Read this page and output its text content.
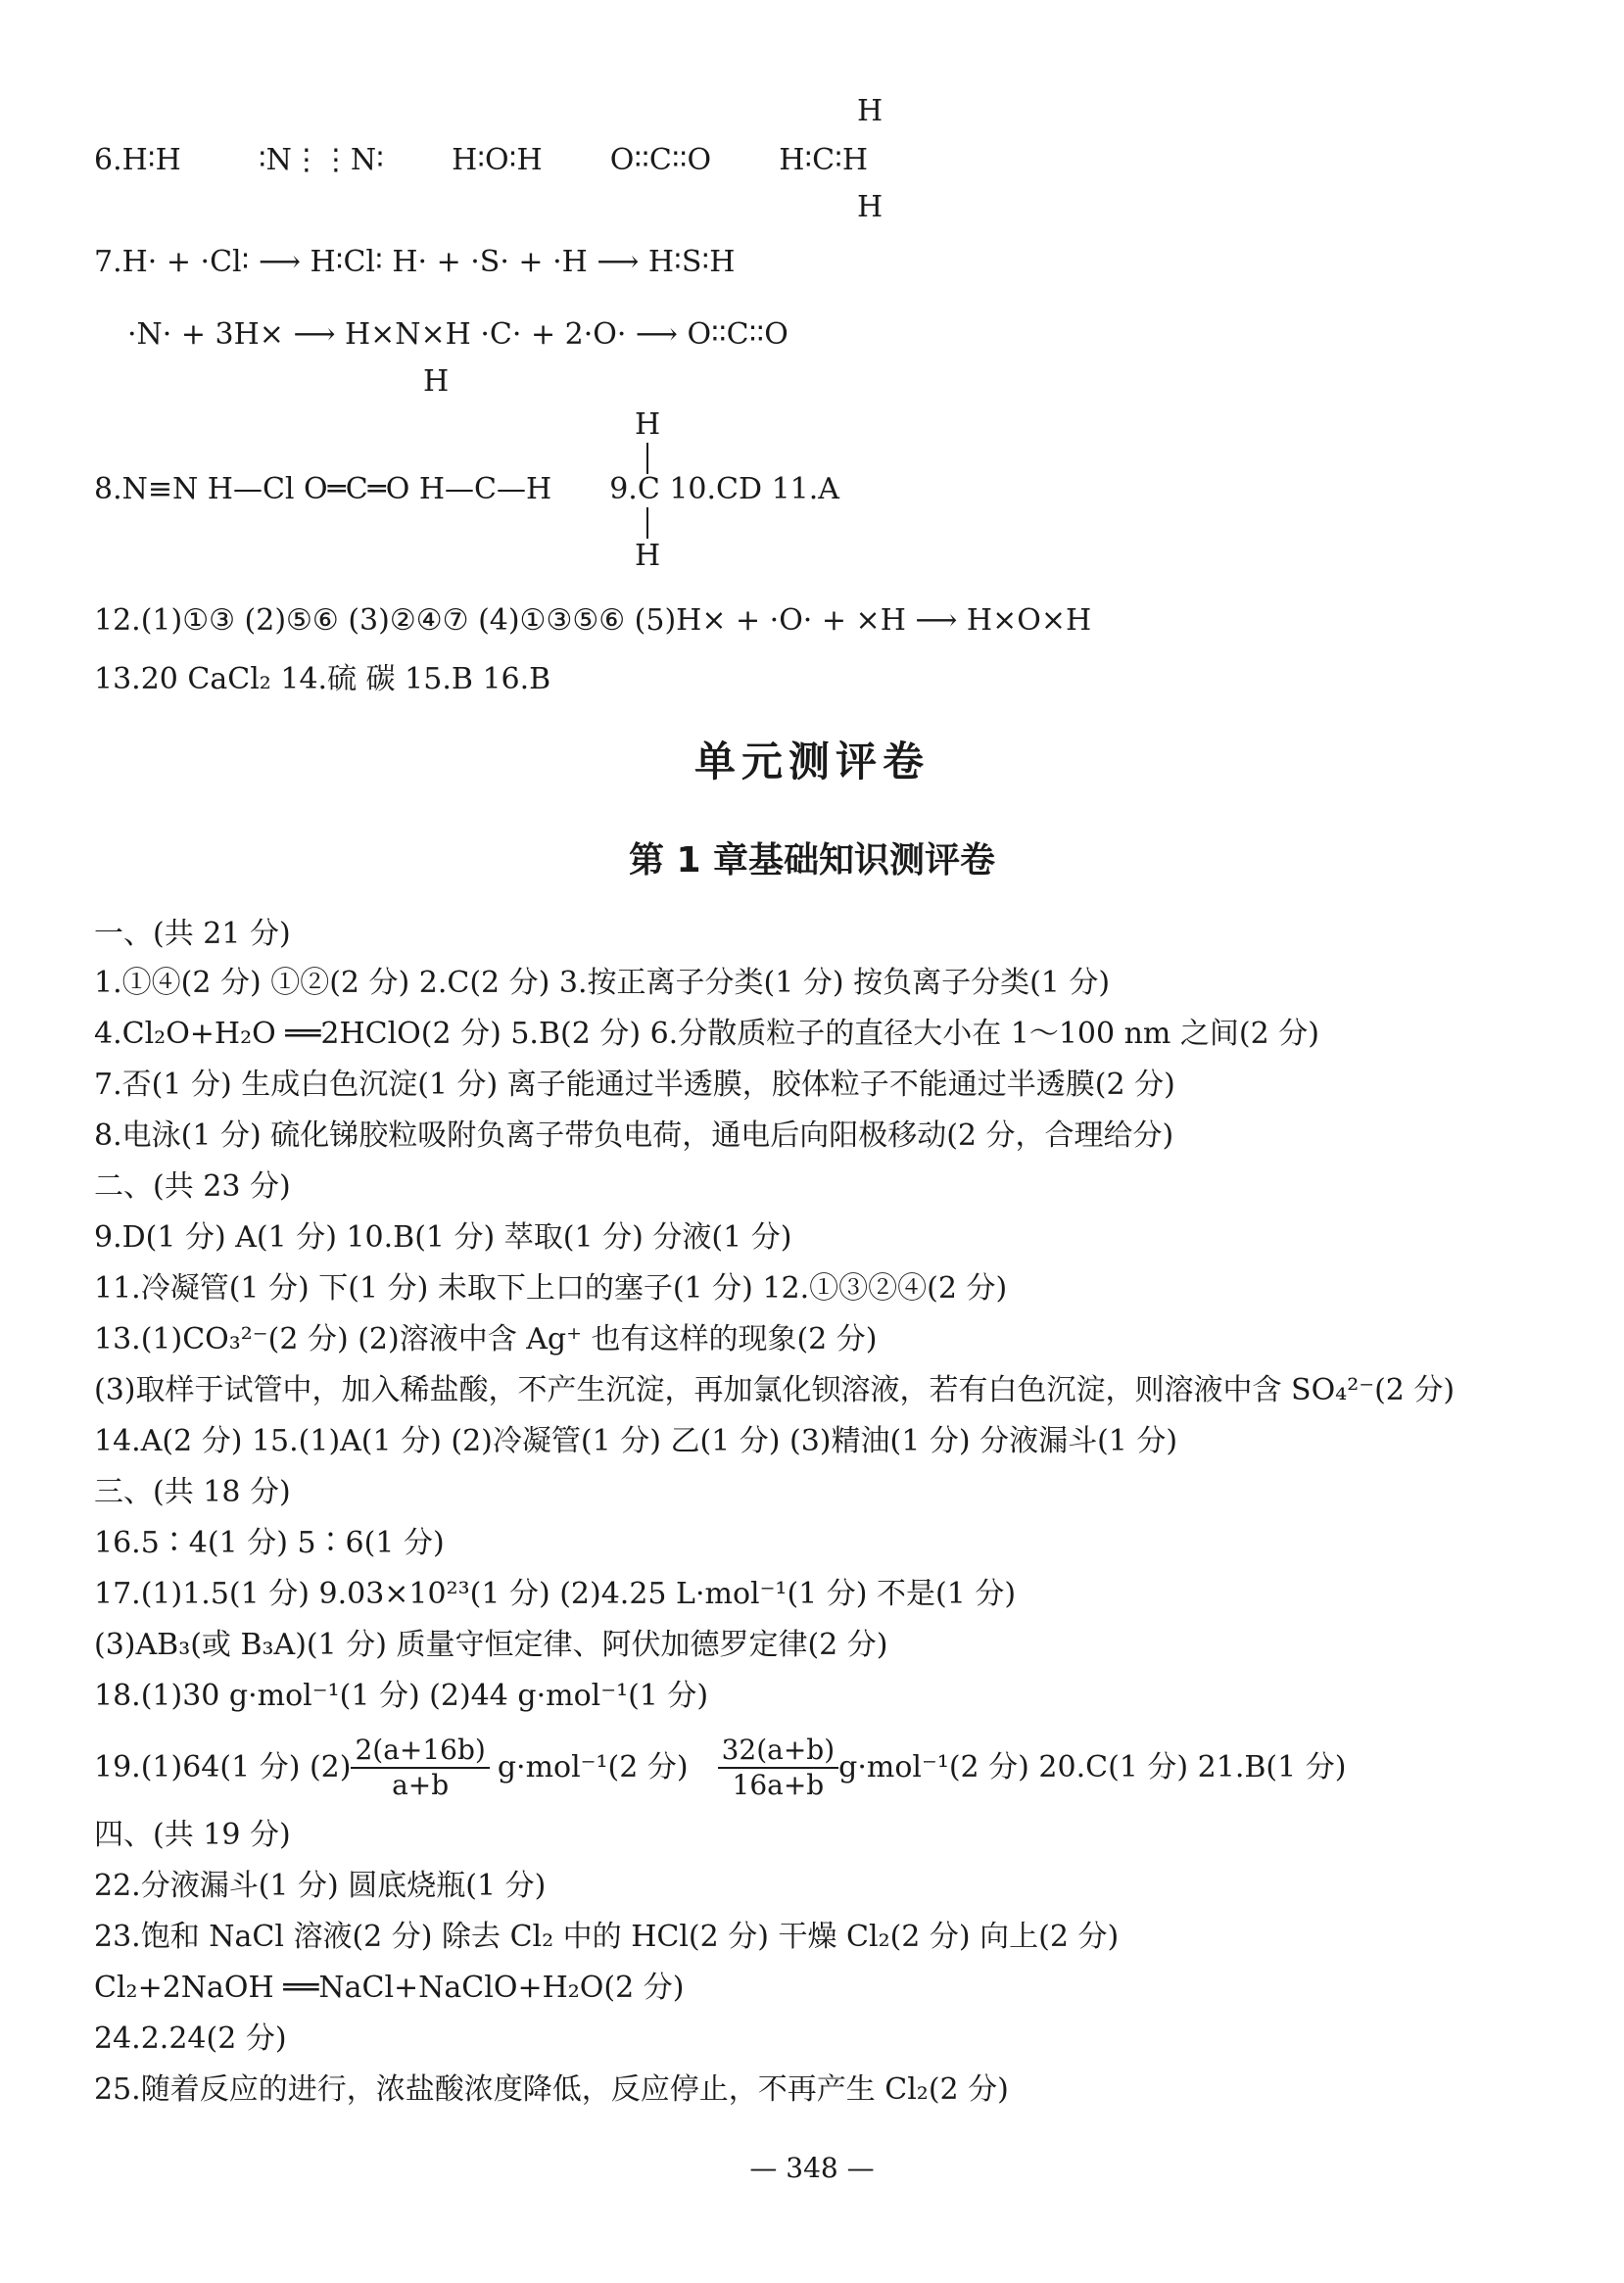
H
6.H∶H	∶N⋮⋮N∶ H∶O∶H O∶∶C∶∶O H∶C∶H
H
7.H· + ·Cl∶ ⟶ H∶Cl∶ H· + ·S· + ·H ⟶ H∶S∶H
·N· + 3H× ⟶ H×N×H ·C· + 2·O· ⟶ O∶∶C∶∶O
H
H
8.N≡N H—Cl O═C═O H—C—H 9.C 10.CD 11.A
H
12.(1)①③ (2)⑤⑥ (3)②④⑦ (4)①③⑤⑥ (5)H× + ·O· + ×H ⟶ H×O×H
13.20 CaCl₂ 14.硫 碳 15.B 16.B
单元测评卷
第 1 章基础知识测评卷
一、(共 21 分)
1.①④(2 分) ①②(2 分) 2.C(2 分) 3.按正离子分类(1 分) 按负离子分类(1 分)
4.Cl₂O+H₂O ══2HClO(2 分) 5.B(2 分) 6.分散质粒子的直径大小在 1～100 nm 之间(2 分)
7.否(1 分) 生成白色沉淀(1 分) 离子能通过半透膜，胶体粒子不能通过半透膜(2 分)
8.电泳(1 分) 硫化锑胶粒吸附负离子带负电荷，通电后向阳极移动(2 分，合理给分)
二、(共 23 分)
9.D(1 分) A(1 分) 10.B(1 分) 萃取(1 分) 分液(1 分)
11.冷凝管(1 分) 下(1 分) 未取下上口的塞子(1 分) 12.①③②④(2 分)
13.(1)CO₃²⁻(2 分) (2)溶液中含 Ag⁺ 也有这样的现象(2 分)
(3)取样于试管中，加入稀盐酸，不产生沉淀，再加氯化钡溶液，若有白色沉淀，则溶液中含 SO₄²⁻(2 分)
14.A(2 分) 15.(1)A(1 分) (2)冷凝管(1 分) 乙(1 分) (3)精油(1 分) 分液漏斗(1 分)
三、(共 18 分)
16.5∶4(1 分) 5∶6(1 分)
17.(1)1.5(1 分) 9.03×10²³(1 分) (2)4.25 L·mol⁻¹(1 分) 不是(1 分)
(3)AB₃(或 B₃A)(1 分) 质量守恒定律、阿伏加德罗定律(2 分)
18.(1)30 g·mol⁻¹(1 分) (2)44 g·mol⁻¹(1 分)
19.(1)64(1 分) $(2) \frac{2(a+16b)}{a+b} g\cdot mol^{-1}(2$ 分) $\frac{32(a+b)}{16a+b} g\cdot mol^{-1}(2$ 分) 20.C(1 分) 21.B(1 分)
四、(共 19 分)
22.分液漏斗(1 分) 圆底烧瓶(1 分)
23.饱和 NaCl 溶液(2 分) 除去 Cl₂ 中的 HCl(2 分) 干燥 Cl₂(2 分) 向上(2 分)
Cl₂+2NaOH ══NaCl+NaClO+H₂O(2 分)
24.2.24(2 分)
25.随着反应的进行，浓盐酸浓度降低，反应停止，不再产生 Cl₂(2 分)
— 348 —
